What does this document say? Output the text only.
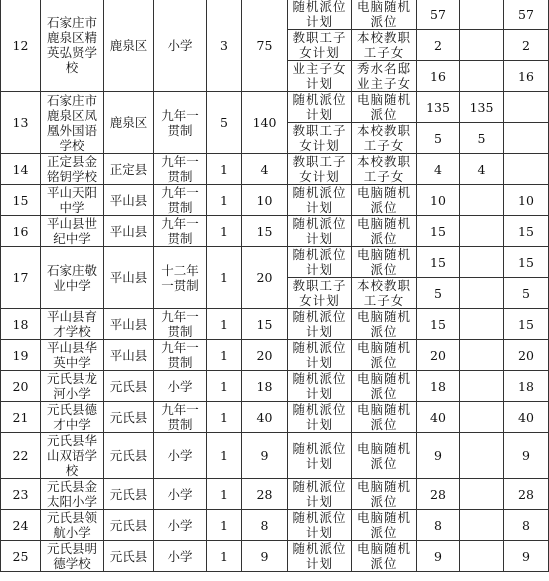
12	石家庄市鹿泉区精英弘贤学校	鹿泉区	小学	3	75	随机派位计划	电脑随机派位	57		57
						教职工子女计划	本校教职工子女	2		2
						业主子女计划	秀水名邸业主子女	16		16
13	石家庄市鹿泉区凤凰外国语学校	鹿泉区	九年一贯制	5	140	随机派位计划	电脑随机派位	135	135	
						教职工子女计划	本校教职工子女	5	5	
14	正定县金铭钥学校	正定县	九年一贯制	1	4	教职工子女计划	本校教职工子女	4	4	
15	平山天阳中学	平山县	九年一贯制	1	10	随机派位计划	电脑随机派位	10		10
16	平山县世纪中学	平山县	九年一贯制	1	15	随机派位计划	电脑随机派位	15		15
17	石家庄敬业中学	平山县	十二年一贯制	1	20	随机派位计划	电脑随机派位	15		15
						教职工子女计划	本校教职工子女	5		5
18	平山县育才学校	平山县	九年一贯制	1	15	随机派位计划	电脑随机派位	15		15
19	平山县华英中学	平山县	九年一贯制	1	20	随机派位计划	电脑随机派位	20		20
20	元氏县龙河小学	元氏县	小学	1	18	随机派位计划	电脑随机派位	18		18
21	元氏县德才中学	元氏县	九年一贯制	1	40	随机派位计划	电脑随机派位	40		40
22	元氏县华山双语学校	元氏县	小学	1	9	随机派位计划	电脑随机派位	9		9
23	元氏县金太阳小学	元氏县	小学	1	28	随机派位计划	电脑随机派位	28		28
24	元氏县领航小学	元氏县	小学	1	8	随机派位计划	电脑随机派位	8		8
25	元氏县明德学校	元氏县	小学	1	9	随机派位计划	电脑随机派位	9		9
